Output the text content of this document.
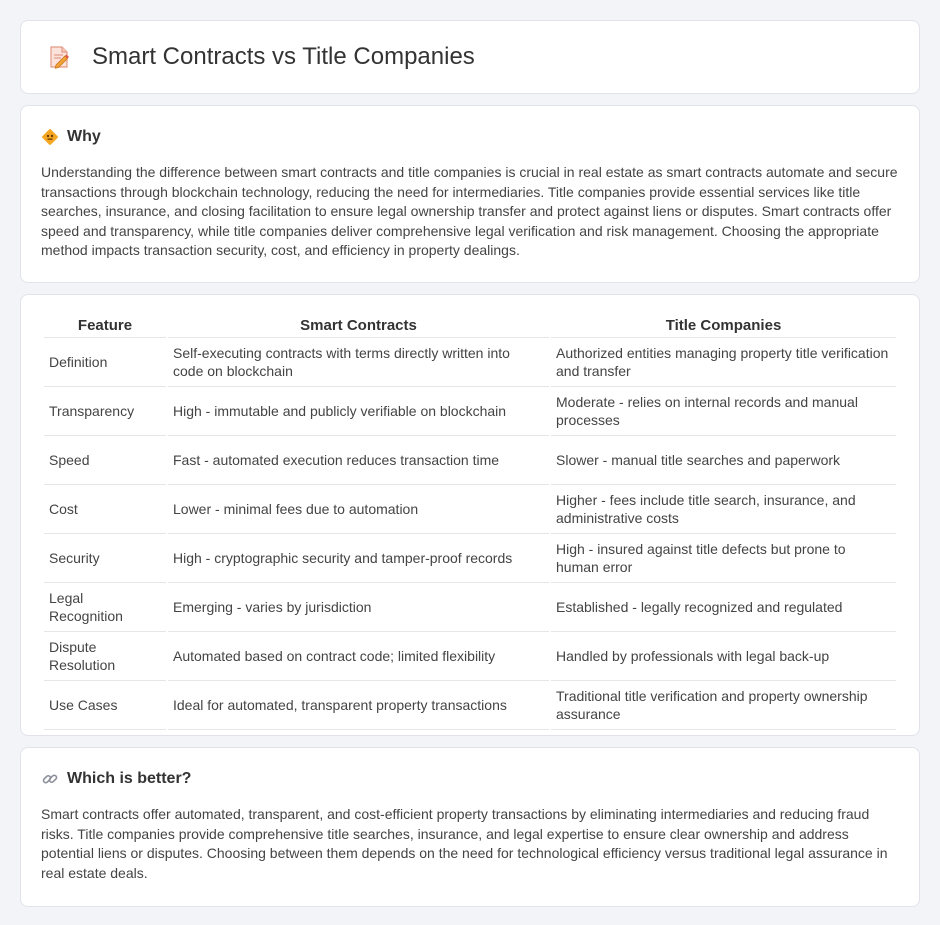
Smart Contracts vs Title Companies
Why

Understanding the difference between smart contracts and title companies is crucial in real estate as smart contracts automate and secure transactions through blockchain technology, reducing the need for intermediaries. Title companies provide essential services like title searches, insurance, and closing facilitation to ensure legal ownership transfer and protect against liens or disputes. Smart contracts offer speed and transparency, while title companies deliver comprehensive legal verification and risk management. Choosing the appropriate method impacts transaction security, cost, and efficiency in property dealings.

Feature	Smart Contracts	Title Companies
Definition	Self-executing contracts with terms directly written into code on blockchain	Authorized entities managing property title verification and transfer
Transparency	High - immutable and publicly verifiable on blockchain	Moderate - relies on internal records and manual processes
Speed	Fast - automated execution reduces transaction time	Slower - manual title searches and paperwork
Cost	Lower - minimal fees due to automation	Higher - fees include title search, insurance, and administrative costs
Security	High - cryptographic security and tamper-proof records	High - insured against title defects but prone to human error
Legal Recognition	Emerging - varies by jurisdiction	Established - legally recognized and regulated
Dispute Resolution	Automated based on contract code; limited flexibility	Handled by professionals with legal back-up
Use Cases	Ideal for automated, transparent property transactions	Traditional title verification and property ownership assurance
Which is better?

Smart contracts offer automated, transparent, and cost-efficient property transactions by eliminating intermediaries and reducing fraud risks. Title companies provide comprehensive title searches, insurance, and legal expertise to ensure clear ownership and address potential liens or disputes. Choosing between them depends on the need for technological efficiency versus traditional legal assurance in real estate deals.
